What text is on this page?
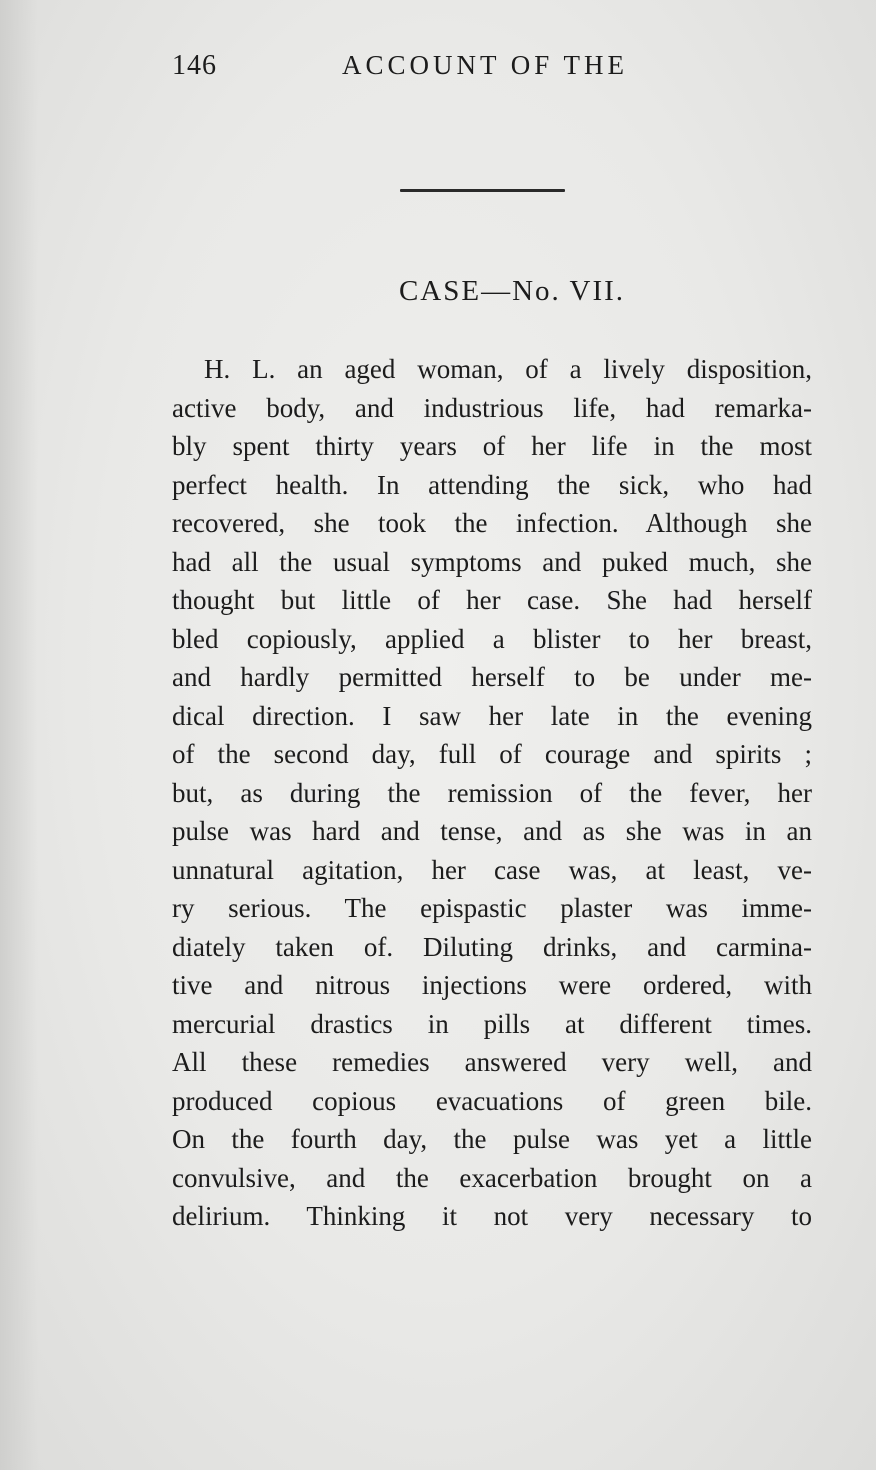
146	ACCOUNT OF THE
CASE—No. VII.
H. L. an aged woman, of a lively disposition,
active body, and industrious life, had remarka-
bly spent thirty years of her life in the most
perfect health. In attending the sick, who had
recovered, she took the infection. Although she
had all the usual symptoms and puked much, she
thought but little of her case. She had herself
bled copiously, applied a blister to her breast,
and hardly permitted herself to be under me-
dical direction. I saw her late in the evening
of the second day, full of courage and spirits ;
but, as during the remission of the fever, her
pulse was hard and tense, and as she was in an
unnatural agitation, her case was, at least, ve-
ry serious. The epispastic plaster was imme-
diately taken of. Diluting drinks, and carmina-
tive and nitrous injections were ordered, with
mercurial drastics in pills at different times.
All these remedies answered very well, and
produced copious evacuations of green bile.
On the fourth day, the pulse was yet a little
convulsive, and the exacerbation brought on a
delirium. Thinking it not very necessary to
